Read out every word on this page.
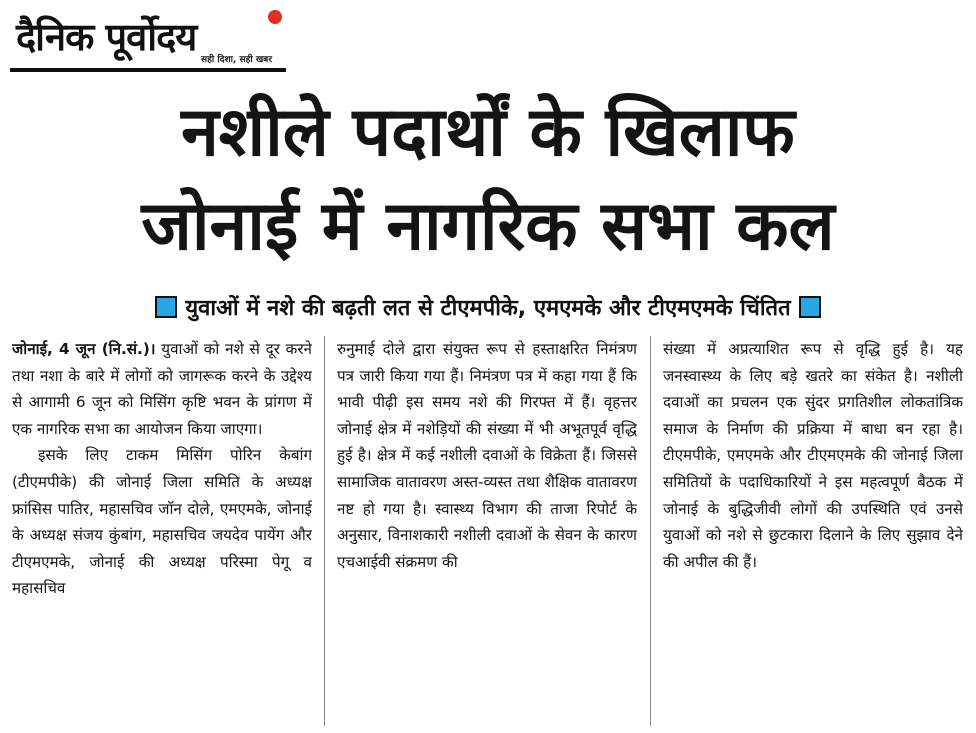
दैनिक पूर्वोदय
सही दिशा, सही खबर
नशीले पदार्थों के खिलाफ
जोनाई में नागरिक सभा कल
युवाओं में नशे की बढ़ती लत से टीएमपीके, एमएमके और टीएमएमके चिंतित

जोनाई, 4 जून (नि.सं.)। युवाओं को नशे से दूर करने तथा नशा के बारे में लोगों को जागरूक करने के उद्देश्य से आगामी 6 जून को मिसिंग कृष्टि भवन के प्रांगण में एक नागरिक सभा का आयोजन किया जाएगा।

इसके लिए टाकम मिसिंग पोरिन केबांग (टीएमपीके) की जोनाई जिला समिति के अध्यक्ष फ्रांसिस पातिर, महासचिव जॉन दोले, एमएमके, जोनाई के अध्यक्ष संजय कुंबांग, महासचिव जयदेव पायेंग और टीएमएमके, जोनाई की अध्यक्ष परिस्मा पेगू व महासचिव

रुनुमाई दोले द्वारा संयुक्त रूप से हस्ताक्षरित निमंत्रण पत्र जारी किया गया हैं। निमंत्रण पत्र में कहा गया हैं कि भावी पीढ़ी इस समय नशे की गिरफ्त में हैं। वृहत्तर जोनाई क्षेत्र में नशेड़ियों की संख्या में भी अभूतपूर्व वृद्धि हुई है। क्षेत्र में कई नशीली दवाओं के विक्रेता हैं। जिससे सामाजिक वातावरण अस्त-व्यस्त तथा शैक्षिक वातावरण नष्ट हो गया है। स्वास्थ्य विभाग की ताजा रिपोर्ट के अनुसार, विनाशकारी नशीली दवाओं के सेवन के कारण एचआईवी संक्रमण की

संख्या में अप्रत्याशित रूप से वृद्धि हुई है। यह जनस्वास्थ्य के लिए बड़े खतरे का संकेत है। नशीली दवाओं का प्रचलन एक सुंदर प्रगतिशील लोकतांत्रिक समाज के निर्माण की प्रक्रिया में बाधा बन रहा है। टीएमपीके, एमएमके और टीएमएमके की जोनाई जिला समितियों के पदाधिकारियों ने इस महत्वपूर्ण बैठक में जोनाई के बुद्धिजीवी लोगों की उपस्थिति एवं उनसे युवाओं को नशे से छुटकारा दिलाने के लिए सुझाव देने की अपील की हैं।
